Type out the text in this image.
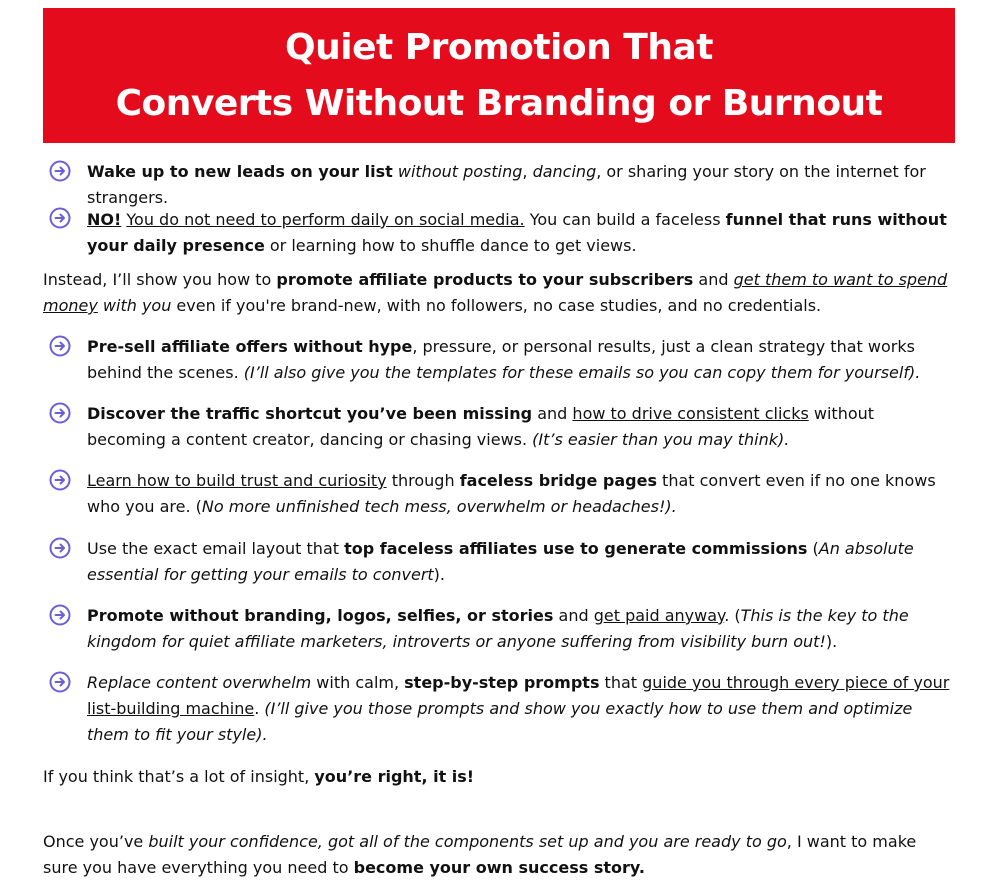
Quiet Promotion That
Converts Without Branding or Burnout
Wake up to new leads on your list without posting, dancing, or sharing your story on the internet for strangers.
NO! You do not need to perform daily on social media. You can build a faceless funnel that runs without your daily presence or learning how to shuffle dance to get views.
Instead, I’ll show you how to promote affiliate products to your subscribers and get them to want to spend money with you even if you're brand-new, with no followers, no case studies, and no credentials.
Pre-sell affiliate offers without hype, pressure, or personal results, just a clean strategy that works behind the scenes. (I’ll also give you the templates for these emails so you can copy them for yourself).
Discover the traffic shortcut you’ve been missing and how to drive consistent clicks without becoming a content creator, dancing or chasing views. (It’s easier than you may think).
Learn how to build trust and curiosity through faceless bridge pages that convert even if no one knows who you are. (No more unfinished tech mess, overwhelm or headaches!).
Use the exact email layout that top faceless affiliates use to generate commissions (An absolute essential for getting your emails to convert).
Promote without branding, logos, selfies, or stories and get paid anyway. (This is the key to the kingdom for quiet affiliate marketers, introverts or anyone suffering from visibility burn out!).
Replace content overwhelm with calm, step-by-step prompts that guide you through every piece of your list-building machine. (I’ll give you those prompts and show you exactly how to use them and optimize them to fit your style).
If you think that’s a lot of insight, you’re right, it is!
Once you’ve built your confidence, got all of the components set up and you are ready to go, I want to make sure you have everything you need to become your own success story.
